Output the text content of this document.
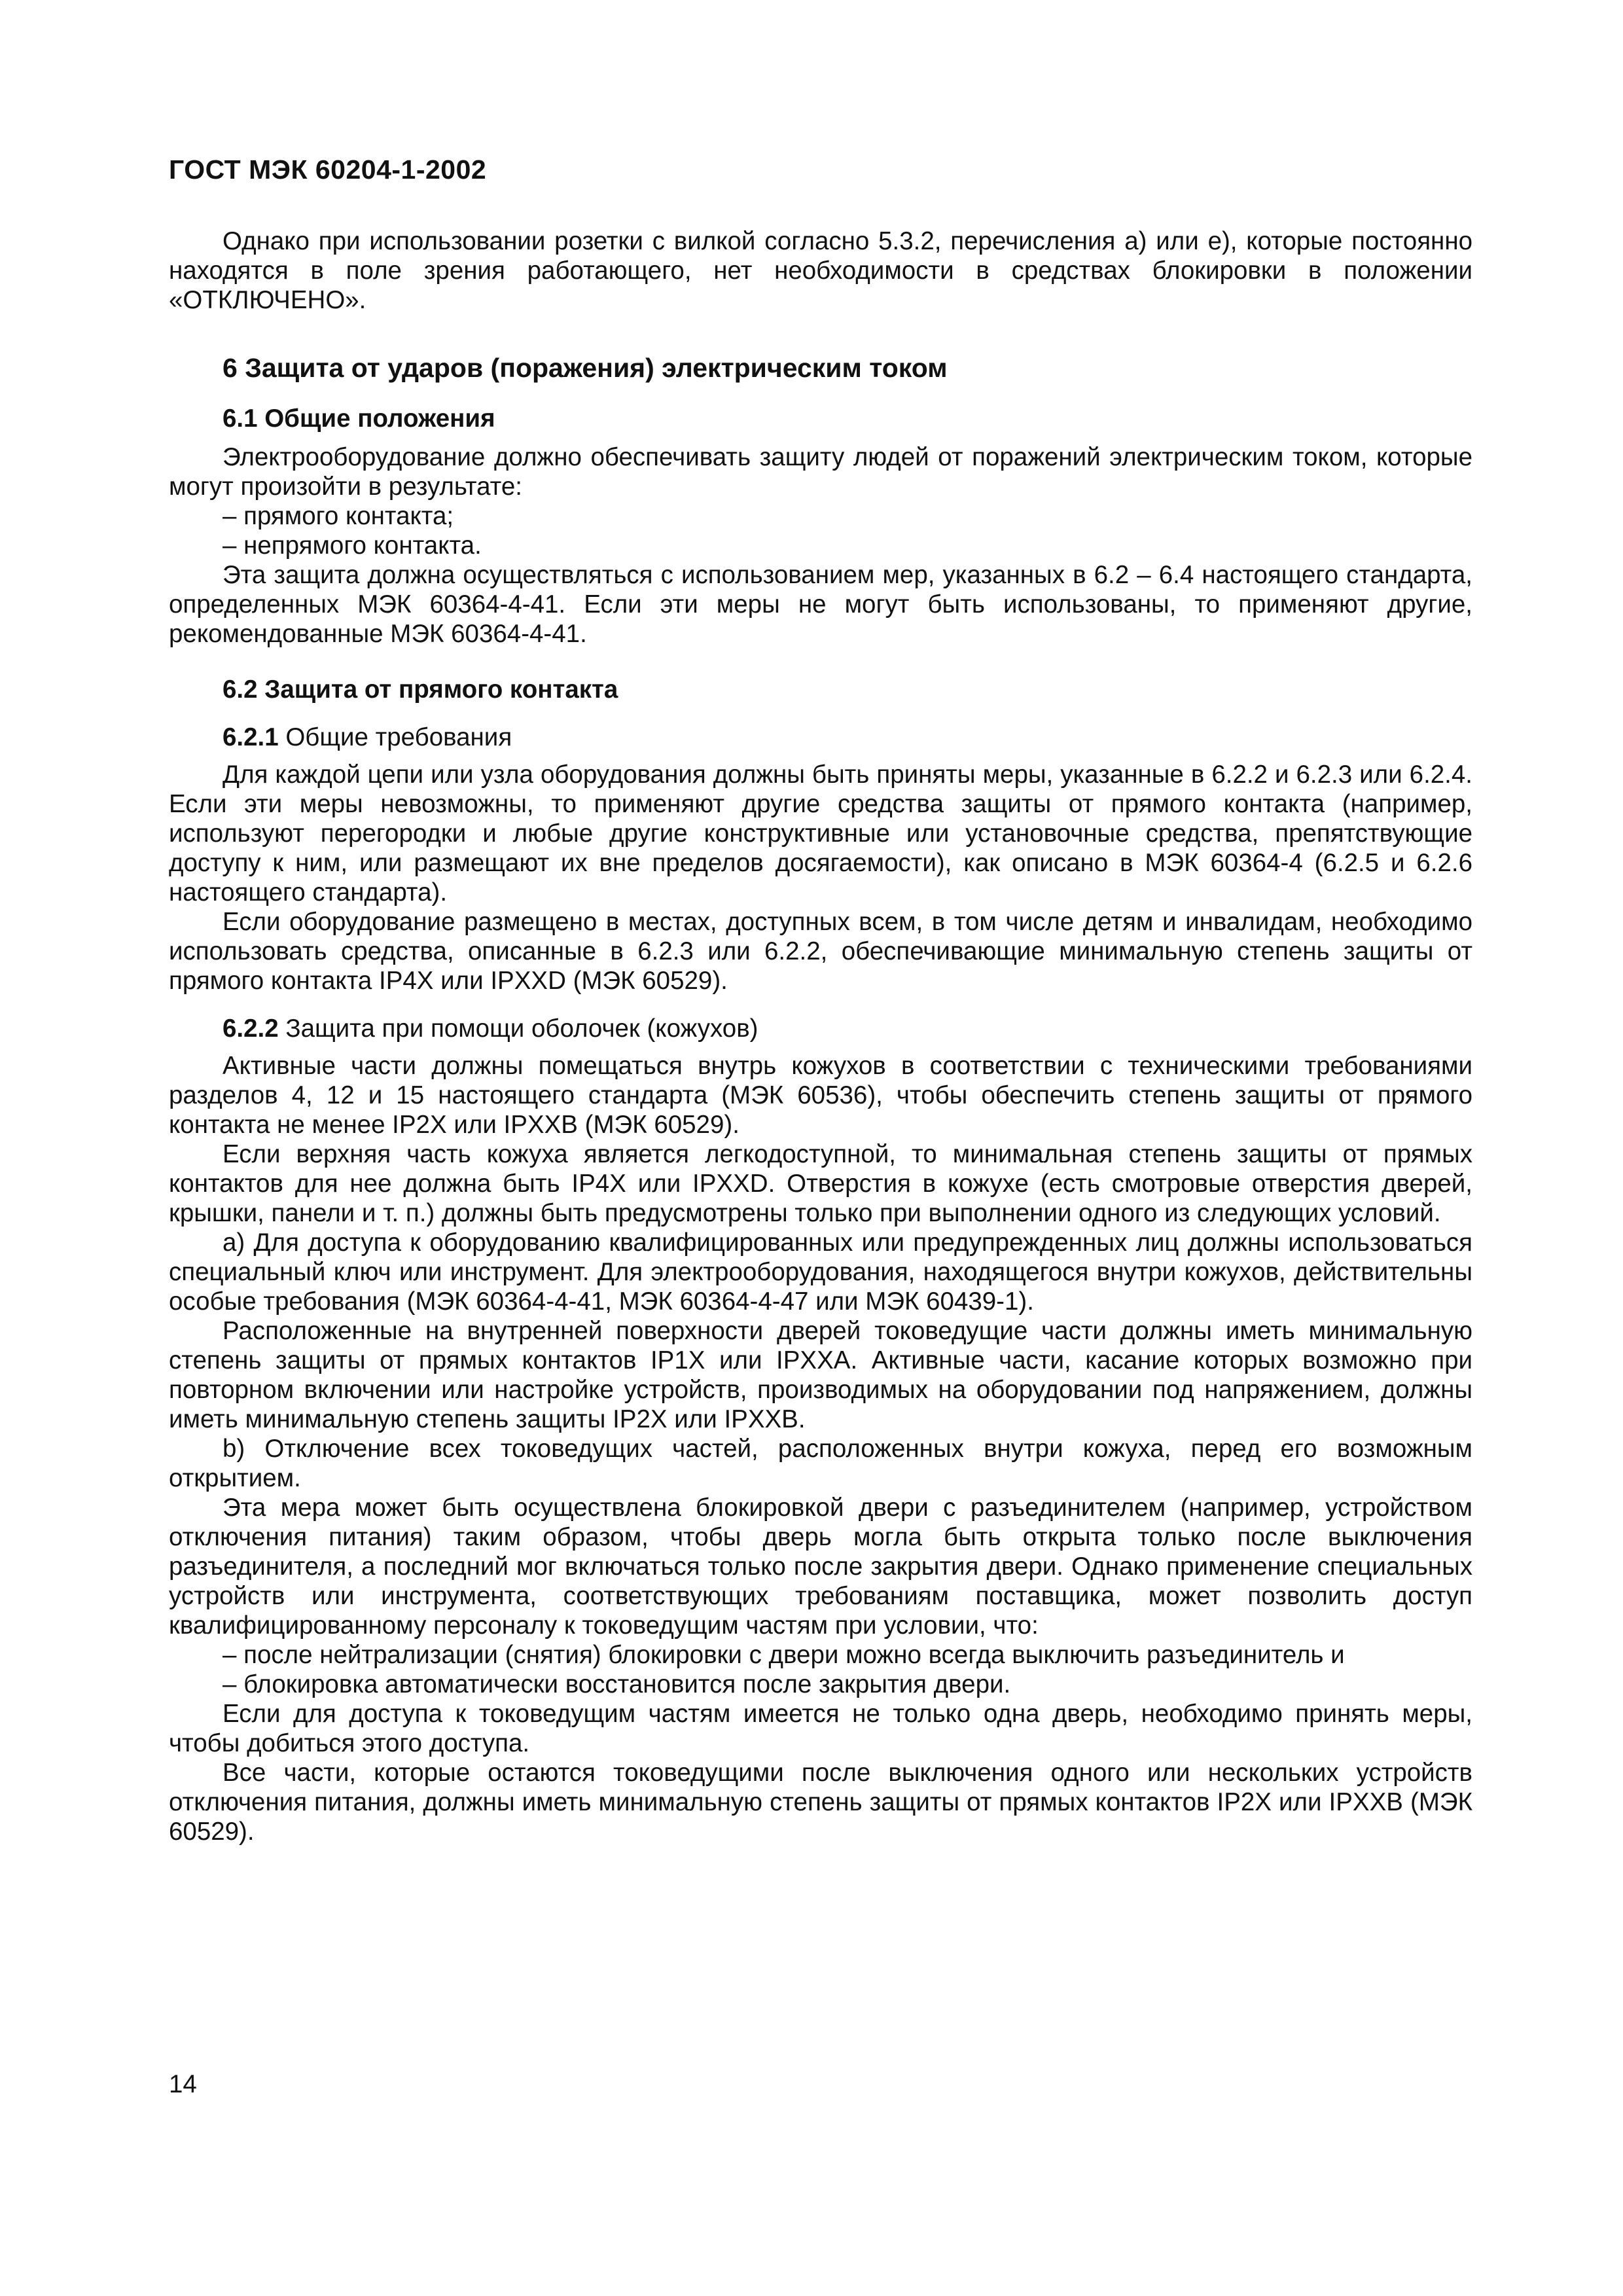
ГОСТ МЭК 60204-1-2002

Однако при использовании розетки с вилкой согласно 5.3.2, перечисления а) или е), которые постоянно находятся в поле зрения работающего, нет необходимости в средствах блокировки в положении «ОТКЛЮЧЕНО».

6 Защита от ударов (поражения) электрическим током
6.1 Общие положения

Электрооборудование должно обеспечивать защиту людей от поражений электрическим током, которые могут произойти в результате:

– прямого контакта;

– непрямого контакта.

Эта защита должна осуществляться с использованием мер, указанных в 6.2 – 6.4 настоящего стандарта, определенных МЭК 60364-4-41. Если эти меры не могут быть использованы, то применяют другие, рекомендованные МЭК 60364-4-41.

6.2 Защита от прямого контакта
6.2.1 Общие требования

Для каждой цепи или узла оборудования должны быть приняты меры, указанные в 6.2.2 и 6.2.3 или 6.2.4. Если эти меры невозможны, то применяют другие средства защиты от прямого контакта (например, используют перегородки и любые другие конструктивные или установочные средства, препятствующие доступу к ним, или размещают их вне пределов досягаемости), как описано в МЭК 60364-4 (6.2.5 и 6.2.6 настоящего стандарта).

Если оборудование размещено в местах, доступных всем, в том числе детям и инвалидам, необходимо использовать средства, описанные в 6.2.3 или 6.2.2, обеспечивающие минимальную степень защиты от прямого контакта IP4X или IPXXD (МЭК 60529).

6.2.2 Защита при помощи оболочек (кожухов)

Активные части должны помещаться внутрь кожухов в соответствии с техническими требованиями разделов 4, 12 и 15 настоящего стандарта (МЭК 60536), чтобы обеспечить степень защиты от прямого контакта не менее IP2X или IPXXB (МЭК 60529).

Если верхняя часть кожуха является легкодоступной, то минимальная степень защиты от прямых контактов для нее должна быть IP4X или IPXXD. Отверстия в кожухе (есть смотровые отверстия дверей, крышки, панели и т. п.) должны быть предусмотрены только при выполнении одного из следующих условий.

а) Для доступа к оборудованию квалифицированных или предупрежденных лиц должны использоваться специальный ключ или инструмент. Для электрооборудования, находящегося внутри кожухов, действительны особые требования (МЭК 60364-4-41, МЭК 60364-4-47 или МЭК 60439-1).

Расположенные на внутренней поверхности дверей токоведущие части должны иметь минимальную степень защиты от прямых контактов IP1X или IPXXA. Активные части, касание которых возможно при повторном включении или настройке устройств, производимых на оборудовании под напряжением, должны иметь минимальную степень защиты IP2X или IPXXB.

b) Отключение всех токоведущих частей, расположенных внутри кожуха, перед его возможным открытием.

Эта мера может быть осуществлена блокировкой двери с разъединителем (например, устройством отключения питания) таким образом, чтобы дверь могла быть открыта только после выключения разъединителя, а последний мог включаться только после закрытия двери. Однако применение специальных устройств или инструмента, соответствующих требованиям поставщика, может позволить доступ квалифицированному персоналу к токоведущим частям при условии, что:

– после нейтрализации (снятия) блокировки с двери можно всегда выключить разъединитель и

– блокировка автоматически восстановится после закрытия двери.

Если для доступа к токоведущим частям имеется не только одна дверь, необходимо принять меры, чтобы добиться этого доступа.

Все части, которые остаются токоведущими после выключения одного или нескольких устройств отключения питания, должны иметь минимальную степень защиты от прямых контактов IP2X или IPXXB (МЭК 60529).

14
